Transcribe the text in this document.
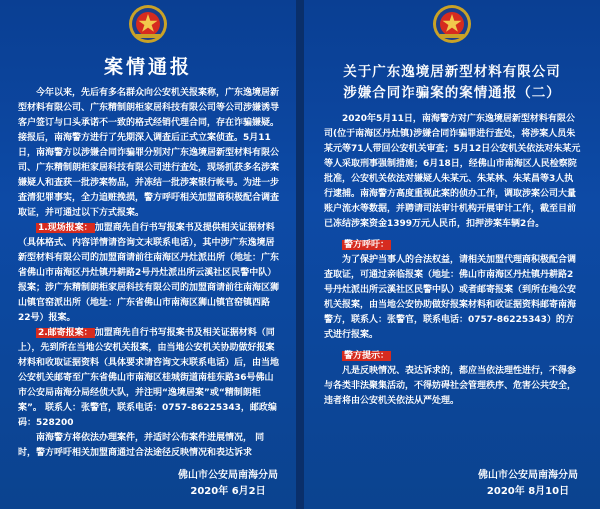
案情通报

今年以来，先后有多名群众向公安机关报案称，广东逸境居新型材料有限公司、广东精制朗柜家居科技有限公司等公司涉嫌诱导客户签订与口头承诺不一致的格式经销代理合同，存在诈骗嫌疑。接报后，南海警方进行了先期深入调查后正式立案侦查。5月11日，南海警方以涉嫌合同诈骗罪分别对广东逸境居新型材料有限公司、广东精制朗柜家居科技有限公司进行查处，现场抓获多名涉案嫌疑人和查获一批涉案物品，并冻结一批涉案银行帐号。为进一步查清犯罪事实，全力追赃挽损，警方呼吁相关加盟商积极配合调查取证，并可通过以下方式报案。

1.现场报案： 加盟商先自行书写报案书及提供相关证据材料（具体格式、内容详情请咨询文末联系电话），其中涉广东逸境居新型材料有限公司的加盟商请前往南海区丹灶派出所（地址：广东省佛山市南海区丹灶镇丹耕路2号丹灶派出所云溪社区民警中队）报案；涉广东精制朗柜家居科技有限公司的加盟商请前往南海区狮山镇官窑派出所（地址：广东省佛山市南海区狮山镇官窑镇西路22号）报案。

2.邮寄报案： 加盟商先自行书写报案书及相关证据材料（同上），先到所在当地公安机关报案，由当地公安机关协助做好报案材料和收取证据资料（具体要求请咨询文末联系电话）后，由当地公安机关邮寄至广东省佛山市南海区桂城街道南桂东路36号佛山市公安局南海分局经侦大队，并注明“逸境居案”或“精制朗柜案”。 联系人：张警官，联系电话：0757-86225343，邮政编码：528200

南海警方将依法办理案件，并适时公布案件进展情况， 同时，警方呼吁相关加盟商通过合法途径反映情况和表达诉求

佛山市公安局南海分局
2020年 6月2日
关于广东逸境居新型材料有限公司
涉嫌合同诈骗案的案情通报（二）

2020年5月11日，南海警方对广东逸境居新型材料有限公司(位于南海区丹灶镇)涉嫌合同诈骗罪进行查处，将涉案人员朱某元等71人带回公安机关审查；5月12日公安机关依法对朱某元等人采取刑事强制措施；6月18日，经佛山市南海区人民检察院批准，公安机关依法对嫌疑人朱某元、朱某林、朱某昌等3人执行逮捕。南海警方高度重视此案的侦办工作，调取涉案公司大量账户流水等数据，并聘请司法审计机构开展审计工作，截至目前已冻结涉案资金1399万元人民币，扣押涉案车辆2台。

警方呼吁：

为了保护当事人的合法权益，请相关加盟代理商积极配合调查取证，可通过亲临报案（地址：佛山市南海区丹灶镇丹耕路2号丹灶派出所云溪社区民警中队）或者邮寄报案（到所在地公安机关报案，由当地公安协助做好报案材料和收证据资料邮寄南海警方，联系人：张警官，联系电话：0757-86225343）的方式进行报案。

警方提示：

凡是反映情况、表达诉求的，都应当依法理性进行，不得参与各类非法聚集活动，不得妨碍社会管理秩序、危害公共安全，违者将由公安机关依法从严处理。

佛山市公安局南海分局
2020年 8月10日
